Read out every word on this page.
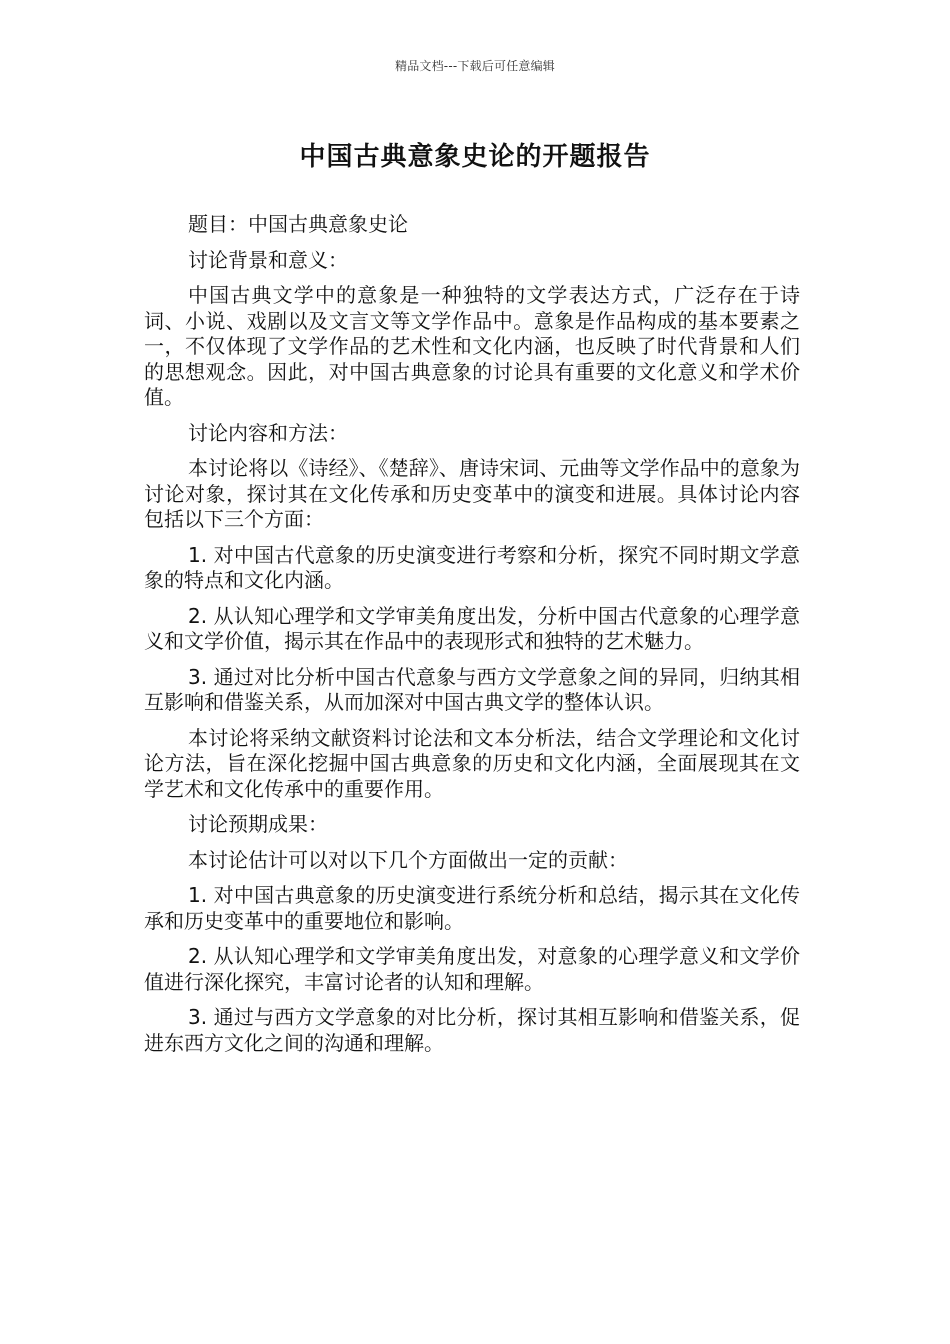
精品文档---下载后可任意编辑
中国古典意象史论的开题报告

题目：中国古典意象史论

讨论背景和意义：

中国古典文学中的意象是一种独特的文学表达方式，广泛存在于诗词、小说、戏剧以及文言文等文学作品中。意象是作品构成的基本要素之一，不仅体现了文学作品的艺术性和文化内涵，也反映了时代背景和人们的思想观念。因此，对中国古典意象的讨论具有重要的文化意义和学术价值。

讨论内容和方法：

本讨论将以《诗经》、《楚辞》、唐诗宋词、元曲等文学作品中的意象为讨论对象，探讨其在文化传承和历史变革中的演变和进展。具体讨论内容包括以下三个方面：

1. 对中国古代意象的历史演变进行考察和分析，探究不同时期文学意象的特点和文化内涵。

2. 从认知心理学和文学审美角度出发，分析中国古代意象的心理学意义和文学价值，揭示其在作品中的表现形式和独特的艺术魅力。

3. 通过对比分析中国古代意象与西方文学意象之间的异同，归纳其相互影响和借鉴关系，从而加深对中国古典文学的整体认识。

本讨论将采纳文献资料讨论法和文本分析法，结合文学理论和文化讨论方法，旨在深化挖掘中国古典意象的历史和文化内涵，全面展现其在文学艺术和文化传承中的重要作用。

讨论预期成果：

本讨论估计可以对以下几个方面做出一定的贡献：

1. 对中国古典意象的历史演变进行系统分析和总结，揭示其在文化传承和历史变革中的重要地位和影响。

2. 从认知心理学和文学审美角度出发，对意象的心理学意义和文学价值进行深化探究，丰富讨论者的认知和理解。

3. 通过与西方文学意象的对比分析，探讨其相互影响和借鉴关系，促进东西方文化之间的沟通和理解。
